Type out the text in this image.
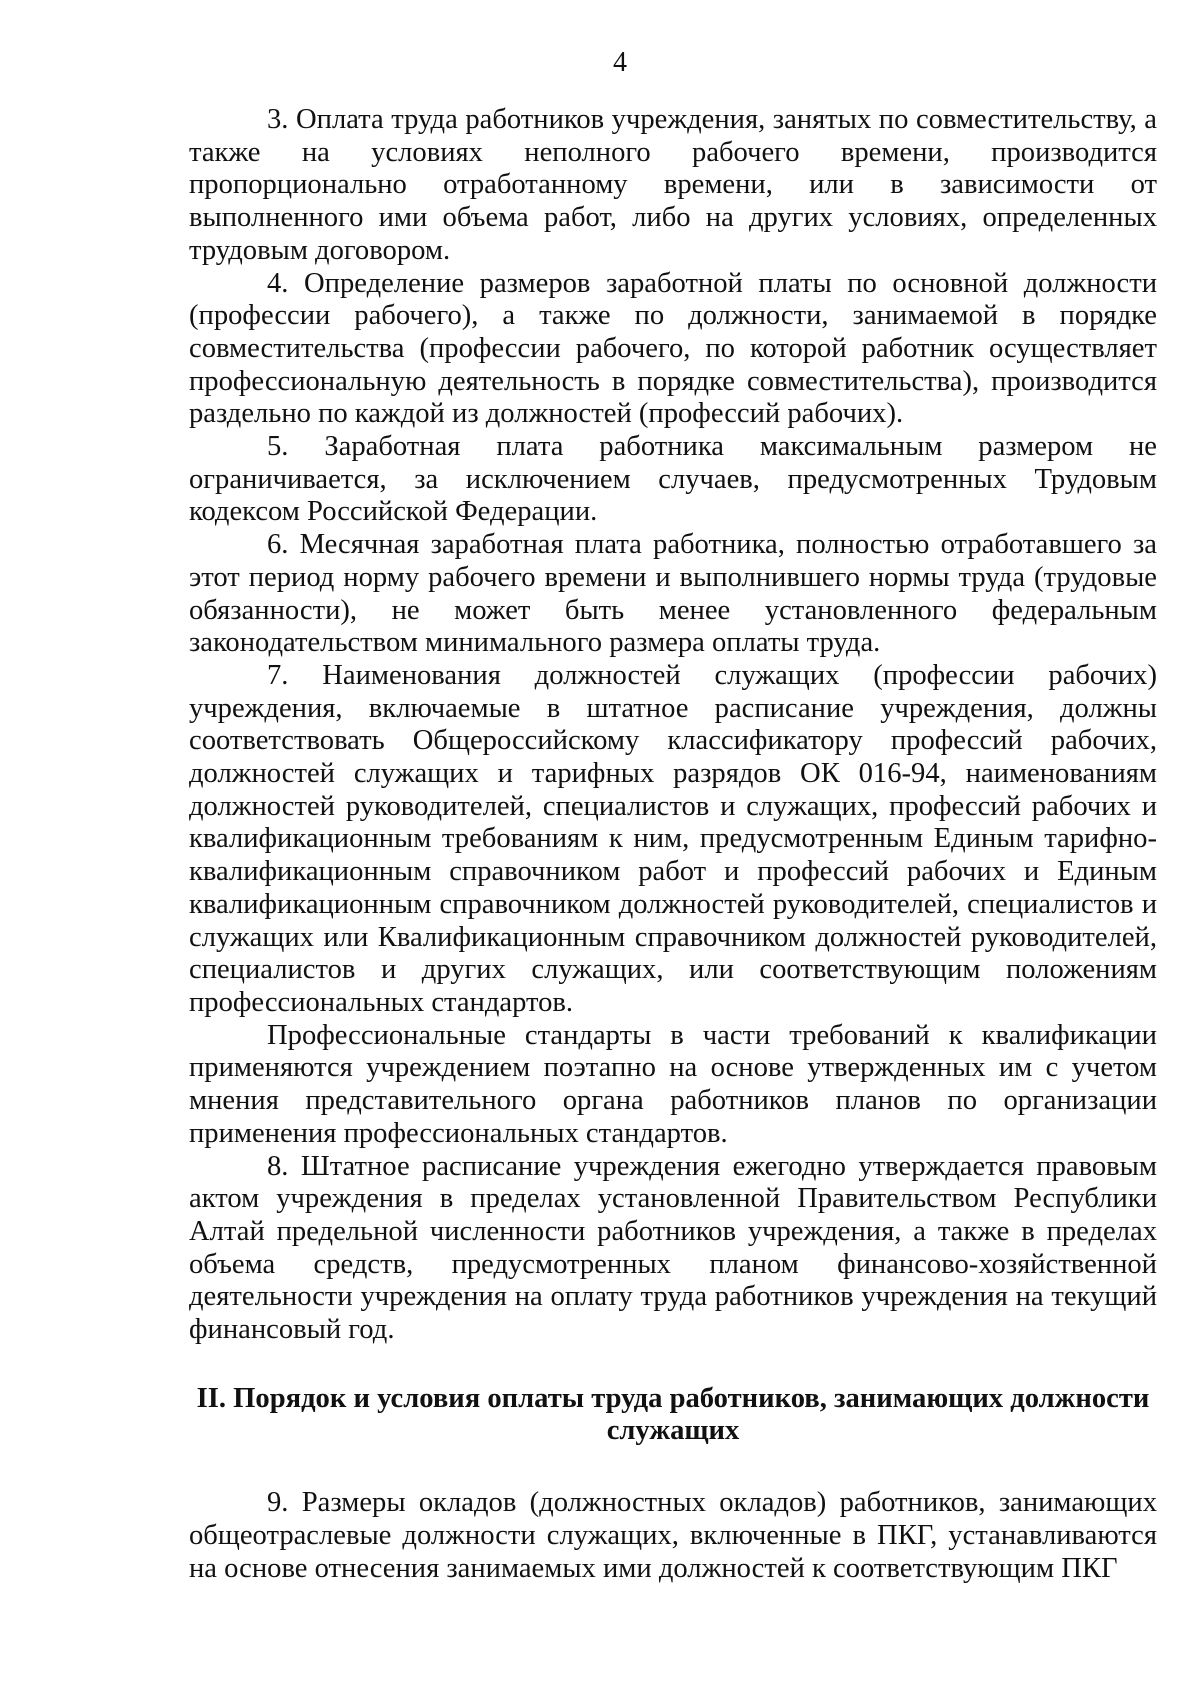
4

3. Оплата труда работников учреждения, занятых по совместительству, а также на условиях неполного рабочего времени, производится пропорционально отработанному времени, или в зависимости от выполненного ими объема работ, либо на других условиях, определенных трудовым договором.

4. Определение размеров заработной платы по основной должности (профессии рабочего), а также по должности, занимаемой в порядке совместительства (профессии рабочего, по которой работник осуществляет профессиональную деятельность в порядке совместительства), производится раздельно по каждой из должностей (профессий рабочих).

5. Заработная плата работника максимальным размером не ограничивается, за исключением случаев, предусмотренных Трудовым кодексом Российской Федерации.

6. Месячная заработная плата работника, полностью отработавшего за этот период норму рабочего времени и выполнившего нормы труда (трудовые обязанности), не может быть менее установленного федеральным законодательством минимального размера оплаты труда.

7. Наименования должностей служащих (профессии рабочих) учреждения, включаемые в штатное расписание учреждения, должны соответствовать Общероссийскому классификатору профессий рабочих, должностей служащих и тарифных разрядов ОК 016-94, наименованиям должностей руководителей, специалистов и служащих, профессий рабочих и квалификационным требованиям к ним, предусмотренным Единым тарифно-квалификационным справочником работ и профессий рабочих и Единым квалификационным справочником должностей руководителей, специалистов и служащих или Квалификационным справочником должностей руководителей, специалистов и других служащих, или соответствующим положениям профессиональных стандартов.

Профессиональные стандарты в части требований к квалификации применяются учреждением поэтапно на основе утвержденных им с учетом мнения представительного органа работников планов по организации применения профессиональных стандартов.

8. Штатное расписание учреждения ежегодно утверждается правовым актом учреждения в пределах установленной Правительством Республики Алтай предельной численности работников учреждения, а также в пределах объема средств, предусмотренных планом финансово-хозяйственной деятельности учреждения на оплату труда работников учреждения на текущий финансовый год.

II. Порядок и условия оплаты труда работников, занимающих должности
служащих

9. Размеры окладов (должностных окладов) работников, занимающих общеотраслевые должности служащих, включенные в ПКГ, устанавливаются на основе отнесения занимаемых ими должностей к соответствующим ПКГ
